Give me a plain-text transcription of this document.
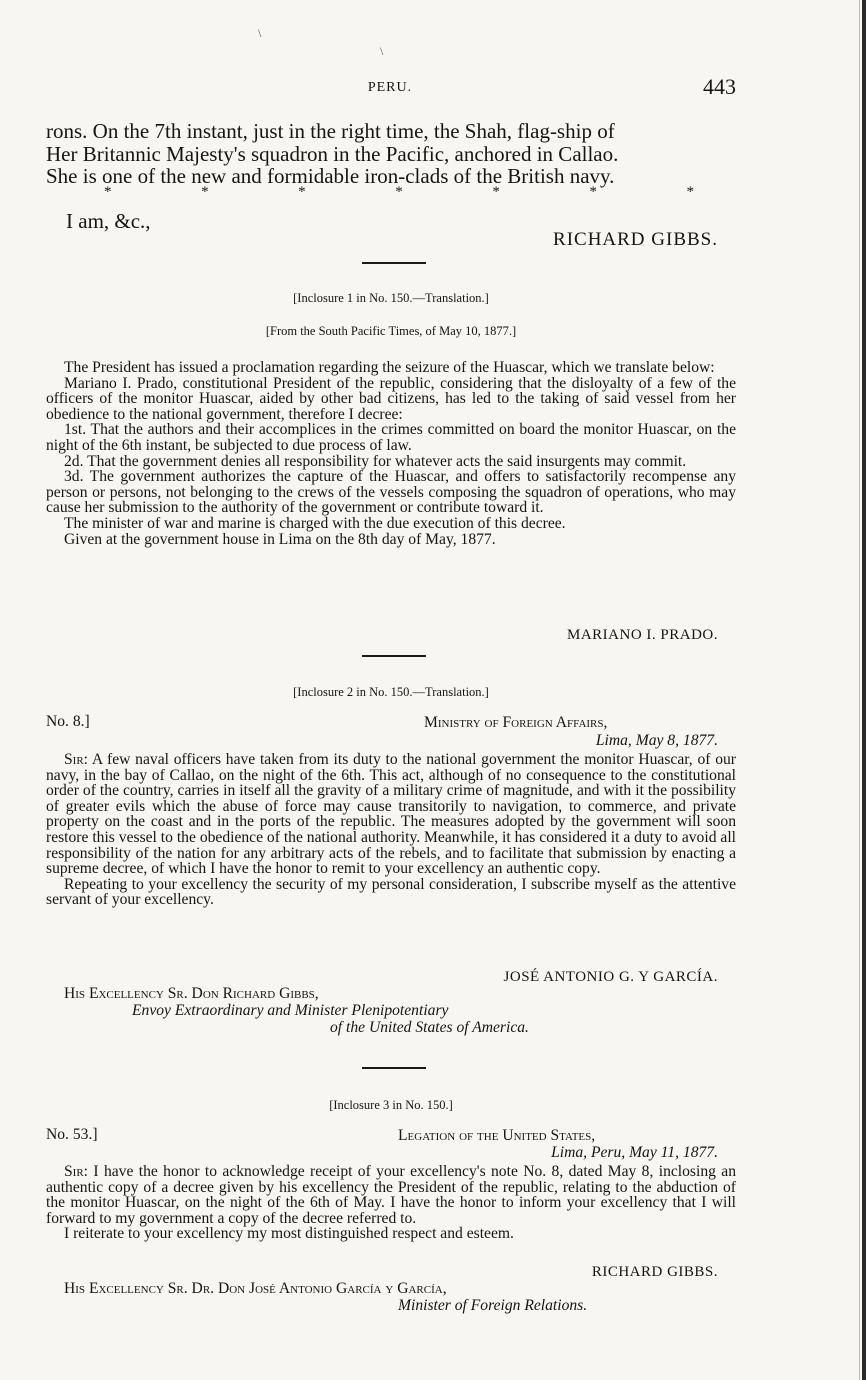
\
\
PERU.	443
rons. On the 7th instant, just in the right time, the Shah, flag-ship of
Her Britannic Majesty's squadron in the Pacific, anchored in Callao.
She is one of the new and formidable iron-clads of the British navy.
*	*	*	*	*	*	*
I am, &c.,
RICHARD GIBBS.
[Inclosure 1 in No. 150.—Translation.]
[From the South Pacific Times, of May 10, 1877.]

The President has issued a proclamation regarding the seizure of the Huascar, which we translate below:

Mariano I. Prado, constitutional President of the republic, considering that the disloyalty of a few of the officers of the monitor Huascar, aided by other bad citizens, has led to the taking of said vessel from her obedience to the national government, therefore I decree:

1st. That the authors and their accomplices in the crimes committed on board the monitor Huascar, on the night of the 6th instant, be subjected to due process of law.

2d. That the government denies all responsibility for whatever acts the said insurgents may commit.

3d. The government authorizes the capture of the Huascar, and offers to satisfactorily recompense any person or persons, not belonging to the crews of the vessels composing the squadron of operations, who may cause her submission to the authority of the government or contribute toward it.

The minister of war and marine is charged with the due execution of this decree.

Given at the government house in Lima on the 8th day of May, 1877.

MARIANO I. PRADO.
[Inclosure 2 in No. 150.—Translation.]
No. 8.]	Ministry of Foreign Affairs,
Lima, May 8, 1877.

Sir: A few naval officers have taken from its duty to the national government the monitor Huascar, of our navy, in the bay of Callao, on the night of the 6th. This act, although of no consequence to the constitutional order of the country, carries in itself all the gravity of a military crime of magnitude, and with it the possibility of greater evils which the abuse of force may cause transitorily to navigation, to commerce, and private property on the coast and in the ports of the republic. The measures adopted by the government will soon restore this vessel to the obedience of the national authority. Meanwhile, it has considered it a duty to avoid all responsibility of the nation for any arbitrary acts of the rebels, and to facilitate that submission by enacting a supreme decree, of which I have the honor to remit to your excellency an authentic copy.

Repeating to your excellency the security of my personal consideration, I subscribe myself as the attentive servant of your excellency.

JOSÉ ANTONIO G. Y GARCÍA.
His Excellency Sr. Don Richard Gibbs,
Envoy Extraordinary and Minister Plenipotentiary
of the United States of America.
[Inclosure 3 in No. 150.]
No. 53.]	Legation of the United States,
Lima, Peru, May 11, 1877.

Sir: I have the honor to acknowledge receipt of your excellency's note No. 8, dated May 8, inclosing an authentic copy of a decree given by his excellency the President of the republic, relating to the abduction of the monitor Huascar, on the night of the 6th of May. I have the honor to inform your excellency that I will forward to my government a copy of the decree referred to.

I reiterate to your excellency my most distinguished respect and esteem.

RICHARD GIBBS.
His Excellency Sr. Dr. Don José Antonio García y García,
Minister of Foreign Relations.
